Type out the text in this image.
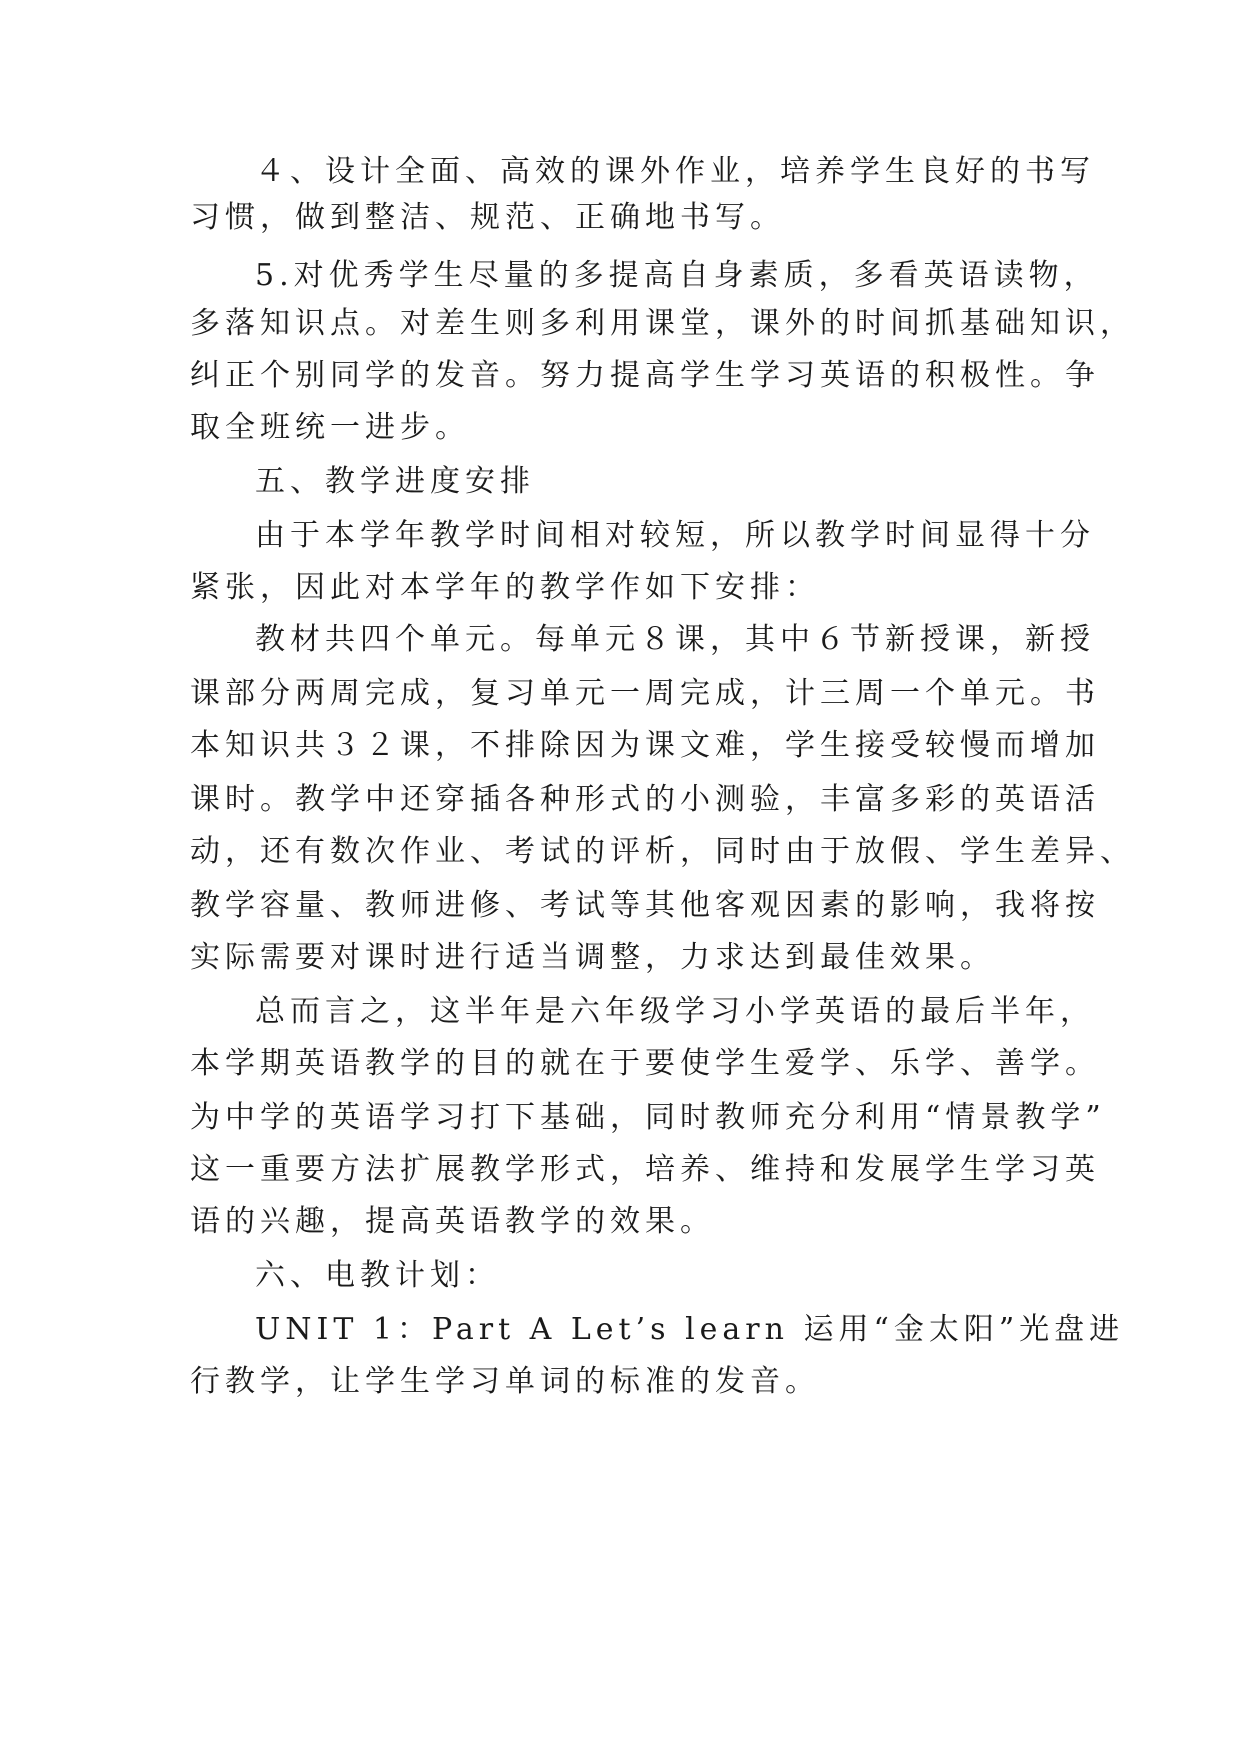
４、设计全面、高效的课外作业，培养学生良好的书写
习惯，做到整洁、规范、正确地书写。
5.对优秀学生尽量的多提高自身素质，多看英语读物，
多落知识点。对差生则多利用课堂，课外的时间抓基础知识，
纠正个别同学的发音。努力提高学生学习英语的积极性。争
取全班统一进步。
五、教学进度安排
由于本学年教学时间相对较短，所以教学时间显得十分
紧张，因此对本学年的教学作如下安排：
教材共四个单元。每单元８课，其中６节新授课，新授
课部分两周完成，复习单元一周完成，计三周一个单元。书
本知识共３２课，不排除因为课文难，学生接受较慢而增加
课时。教学中还穿插各种形式的小测验，丰富多彩的英语活
动，还有数次作业、考试的评析，同时由于放假、学生差异、
教学容量、教师进修、考试等其他客观因素的影响，我将按
实际需要对课时进行适当调整，力求达到最佳效果。
总而言之，这半年是六年级学习小学英语的最后半年，
本学期英语教学的目的就在于要使学生爱学、乐学、善学。
为中学的英语学习打下基础，同时教师充分利用“情景教学”
这一重要方法扩展教学形式，培养、维持和发展学生学习英
语的兴趣，提高英语教学的效果。
六、电教计划：
UNIT 1：Part A Let’s learn 运用“金太阳”光盘进
行教学，让学生学习单词的标准的发音。
